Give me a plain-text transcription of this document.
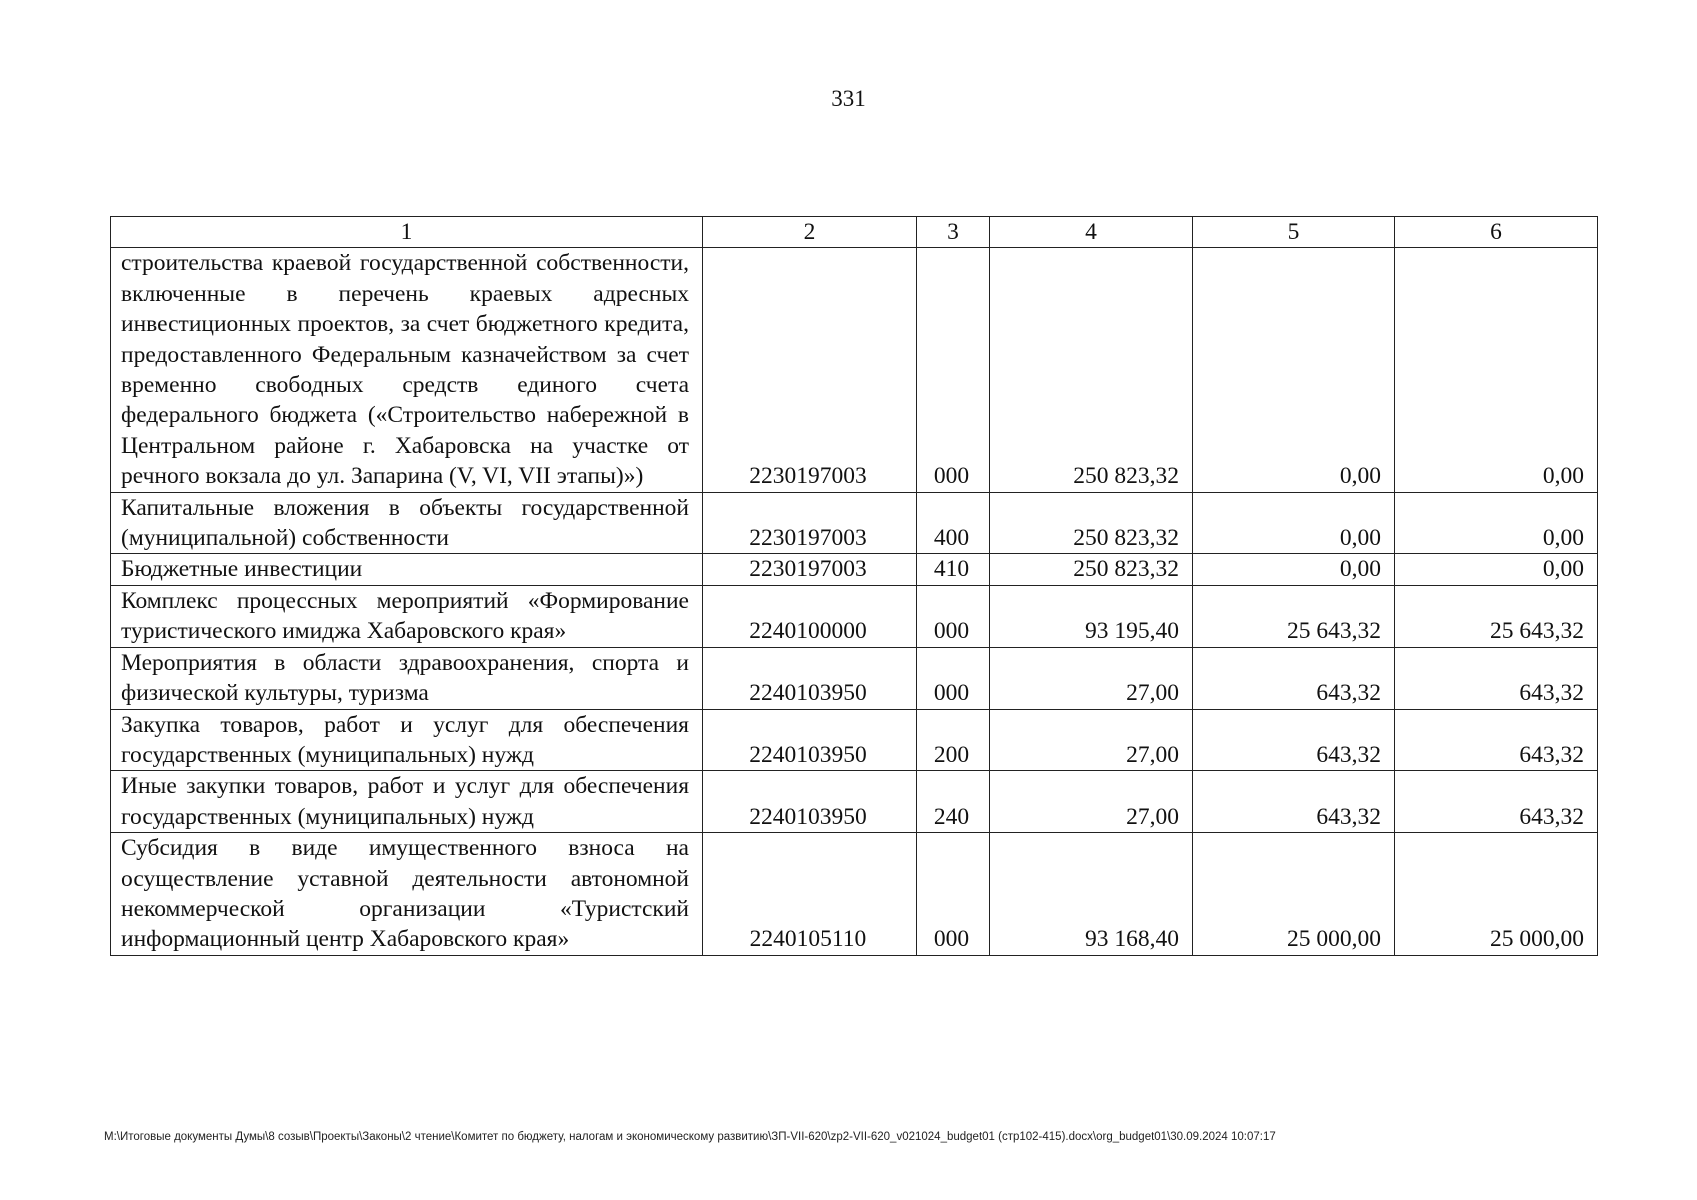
331
1	2	3	4	5	6
строительства краевой государственной собственности, включенные в перечень краевых адресных инвестиционных проектов, за счет бюджетного кредита, предоставленного Федеральным казначейством за счет временно свободных средств единого счета федерального бюджета («Строительство набережной в Центральном районе г. Хабаровска на участке от речного вокзала до ул. Запарина (V, VI, VII этапы)»)	2230197003	000	250 823,32	0,00	0,00
Капитальные вложения в объекты государственной (муниципальной) собственности	2230197003	400	250 823,32	0,00	0,00
Бюджетные инвестиции	2230197003	410	250 823,32	0,00	0,00
Комплекс процессных мероприятий «Формирование туристического имиджа Хабаровского края»	2240100000	000	93 195,40	25 643,32	25 643,32
Мероприятия в области здравоохранения, спорта и физической культуры, туризма	2240103950	000	27,00	643,32	643,32
Закупка товаров, работ и услуг для обеспечения государственных (муниципальных) нужд	2240103950	200	27,00	643,32	643,32
Иные закупки товаров, работ и услуг для обеспечения государственных (муниципальных) нужд	2240103950	240	27,00	643,32	643,32
Субсидия в виде имущественного взноса на осуществление уставной деятельности автономной некоммерческой организации «Туристский информационный центр Хабаровского края»	2240105110	000	93 168,40	25 000,00	25 000,00
M:\Итоговые документы Думы\8 созыв\Проекты\Законы\2 чтение\Комитет по бюджету, налогам и экономическому развитию\ЗП-VII-620\zp2-VII-620_v021024_budget01 (стр102-415).docx\org_budget01\30.09.2024 10:07:17
